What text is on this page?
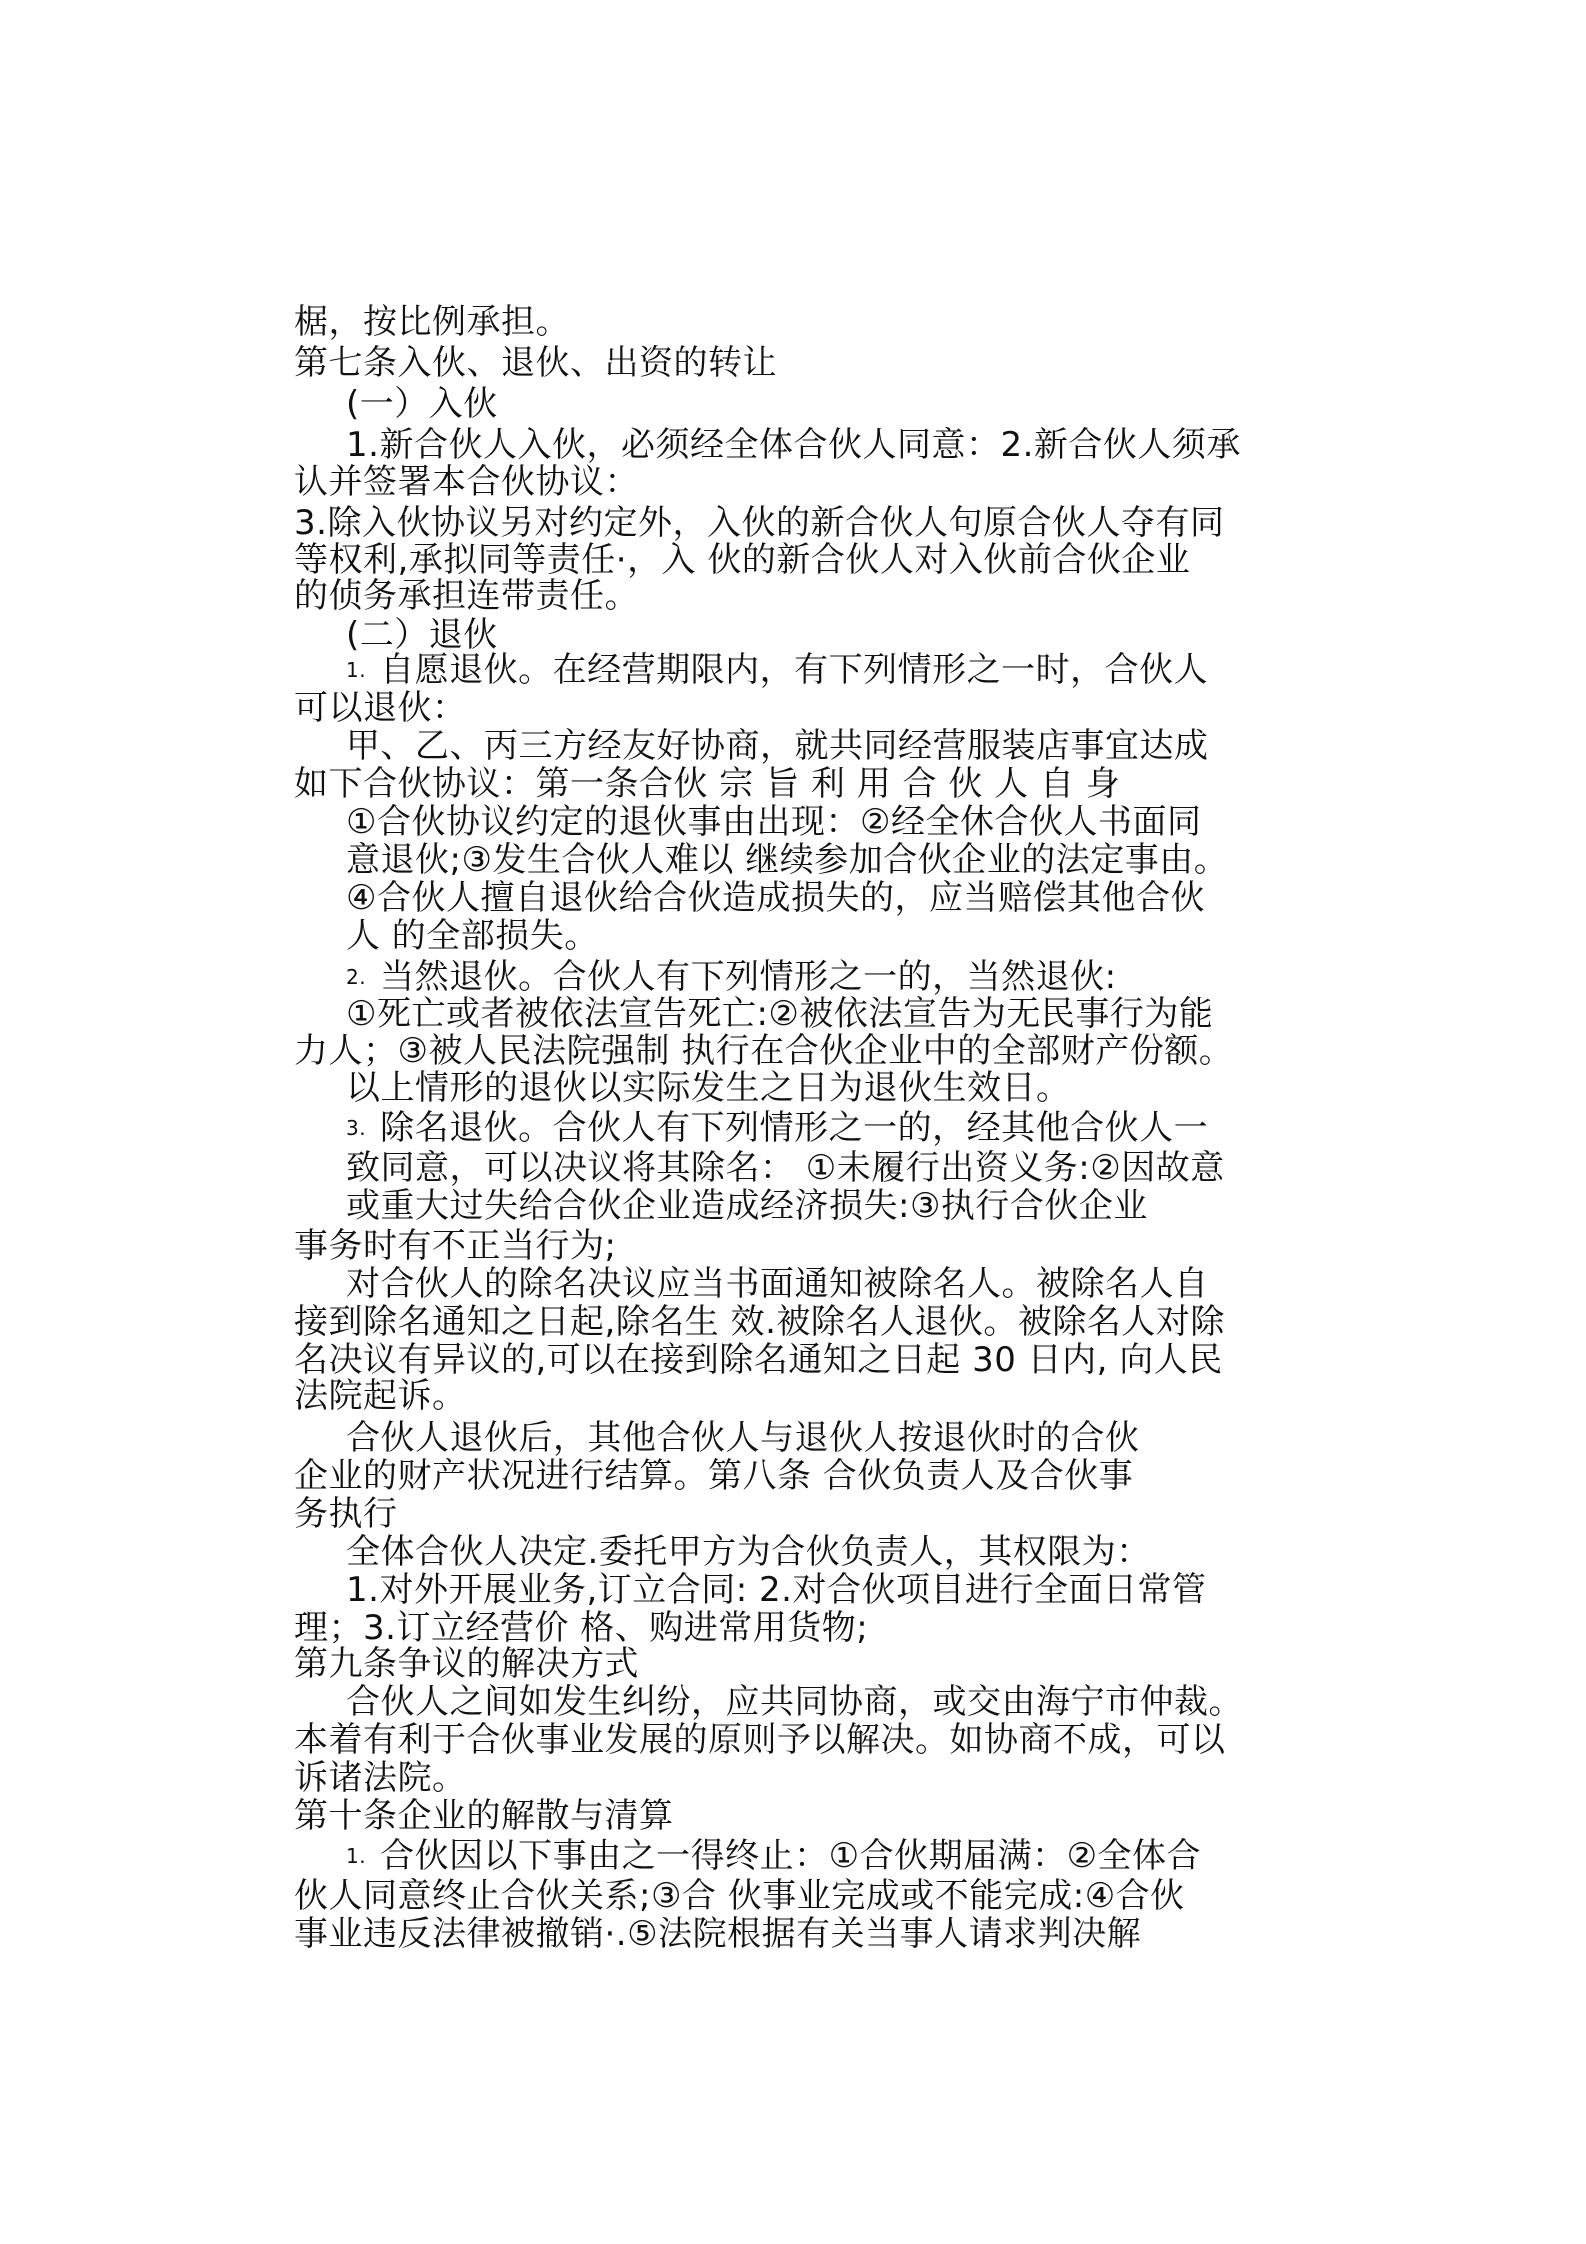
椐，按比例承担。
第七条入伙、退伙、出资的转让
(一）入伙
1.新合伙人入伙，必须经全体合伙人同意：2.新合伙人须承
认并签署本合伙协议：
3.除入伙协议另对约定外，入伙的新合伙人句原合伙人夺有同
等权利,承拟同等责任·，入 伙的新合伙人对入伙前合伙企业
的侦务承担连带责任。
(二）退伙
1. 自愿退伙。在经营期限内，有下列情形之一时，合伙人
可以退伙：
甲、乙、丙三方经友好协商，就共同经营服装店事宜达成
如下合伙协议：第一条合伙 宗 旨 利 用 合 伙 人 自 身
①合伙协议约定的退伙事由出现：②经全休合伙人书面同
意退伙;③发生合伙人难以 继续参加合伙企业的法定事由。
④合伙人擅自退伙给合伙造成损失的，应当赔偿其他合伙
人 的全部损失。
2. 当然退伙。合伙人有下列情形之一的，当然退伙:
①死亡或者被依法宣告死亡:②被依法宣告为无民事行为能
力人；③被人民法院强制 执行在合伙企业中的全部财产份额。
以上情形的退伙以实际发生之日为退伙生效日。
3. 除名退伙。合伙人有下列情形之一的，经其他合伙人一
致同意，可以决议将其除名： ①未履行出资义务:②因故意
或重大过失给合伙企业造成经济损失:③执行合伙企业
事务时有不正当行为;
对合伙人的除名决议应当书面通知被除名人。被除名人自
接到除名通知之日起,除名生 效.被除名人退伙。被除名人对除
名决议有异议的,可以在接到除名通知之日起 30 日内, 向人民
法院起诉。
合伙人退伙后，其他合伙人与退伙人按退伙时的合伙
企业的财产状况进行结算。第八条 合伙负责人及合伙事
务执行
全体合伙人决定.委托甲方为合伙负责人，其权限为：
1.对外开展业务,订立合同: 2.对合伙项目进行全面日常管
理；3.订立经营价 格、购进常用货物;
第九条争议的解决方式
合伙人之间如发生纠纷，应共同协商，或交由海宁市仲裁。
本着有利于合伙事业发展的原则予以解决。如协商不成，可以
诉诸法院。
第十条企业的解散与清算
1. 合伙因以下事由之一得终止：①合伙期届满：②全体合
伙人同意终止合伙关系;③合 伙事业完成或不能完成:④合伙
事业违反法律被撤销·.⑤法院根据有关当事人请求判决解
